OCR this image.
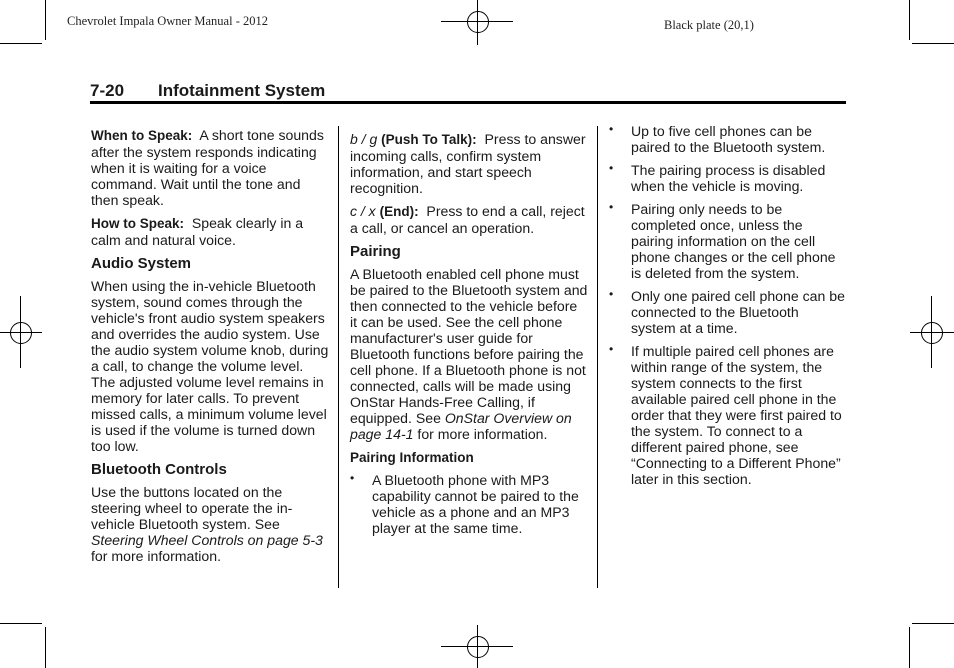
Chevrolet Impala Owner Manual - 2012	Black plate (20,1)
7-20 Infotainment System

When to Speak: A short tone sounds after the system responds indicating when it is waiting for a voice command. Wait until the tone and then speak.

How to Speak: Speak clearly in a calm and natural voice.

Audio System

When using the in-vehicle Bluetooth system, sound comes through the vehicle's front audio system speakers and overrides the audio system. Use the audio system volume knob, during a call, to change the volume level. The adjusted volume level remains in memory for later calls. To prevent missed calls, a minimum volume level is used if the volume is turned down too low.

Bluetooth Controls

Use the buttons located on the steering wheel to operate the in-vehicle Bluetooth system. See Steering Wheel Controls on page 5-3 for more information.

b / g (Push To Talk): Press to answer incoming calls, confirm system information, and start speech recognition.

c / x (End): Press to end a call, reject a call, or cancel an operation.

Pairing

A Bluetooth enabled cell phone must be paired to the Bluetooth system and then connected to the vehicle before it can be used. See the cell phone manufacturer's user guide for Bluetooth functions before pairing the cell phone. If a Bluetooth phone is not connected, calls will be made using OnStar Hands-Free Calling, if equipped. See OnStar Overview on page 14-1 for more information.

Pairing Information
• A Bluetooth phone with MP3 capability cannot be paired to the vehicle as a phone and an MP3 player at the same time.
• Up to five cell phones can be paired to the Bluetooth system.
• The pairing process is disabled when the vehicle is moving.
• Pairing only needs to be completed once, unless the pairing information on the cell phone changes or the cell phone is deleted from the system.
• Only one paired cell phone can be connected to the Bluetooth system at a time.
• If multiple paired cell phones are within range of the system, the system connects to the first available paired cell phone in the order that they were first paired to the system. To connect to a different paired phone, see “Connecting to a Different Phone” later in this section.
